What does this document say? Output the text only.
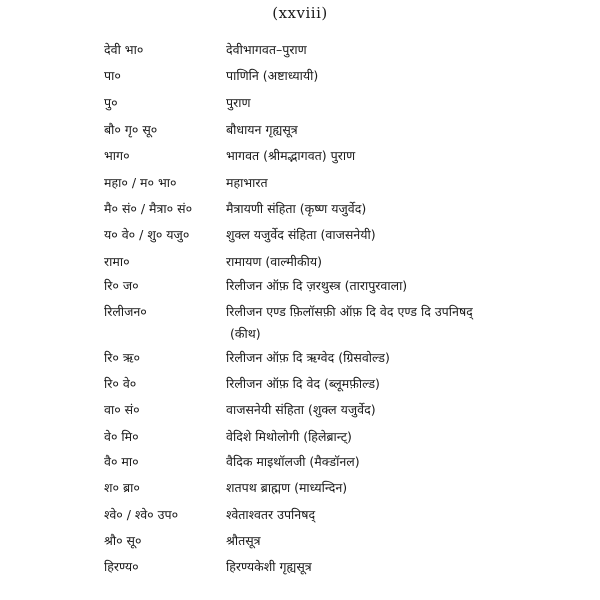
(xxviii)
देवी भा०	देवीभागवत–पुराण
पा०	पाणिनि (अष्टाध्यायी)
पु०	पुराण
बौ० गृ० सू०	बौधायन गृह्यसूत्र
भाग०	भागवत (श्रीमद्भागवत) पुराण
महा० / म० भा०	महाभारत
मै० सं० / मैत्रा० सं०	मैत्रायणी संहिता (कृष्ण यजुर्वेद)
य० वे० / शु० यजु०	शुक्ल यजुर्वेद संहिता (वाजसनेयी)
रामा०	रामायण (वाल्मीकीय)
रि० ज०	रिलीजन ऑफ़ दि ज़रथुस्त्र (तारापुरवाला)
रिलीजन०	रिलीजन एण्ड फ़िलॉसफ़ी ऑफ़ दि वेद एण्ड दि उपनिषद्
(कीथ)
रि० ऋ०	रिलीजन ऑफ़ दि ऋग्वेद (ग्रिसवोल्ड)
रि० वे०	रिलीजन ऑफ़ दि वेद (ब्लूमफ़ील्ड)
वा० सं०	वाजसनेयी संहिता (शुक्ल यजुर्वेद)
वे० मि०	वेदिशे मिथोलोगी (हिलेब्रान्ट्)
वै० मा०	वैदिक माइथॉलजी (मैक्डॉनल)
श० ब्रा०	शतपथ ब्राह्मण (माध्यन्दिन)
श्वे० / श्वे० उप०	श्वेताश्वतर उपनिषद्
श्रौ० सू०	श्रौतसूत्र
हिरण्य०	हिरण्यकेशी गृह्यसूत्र
